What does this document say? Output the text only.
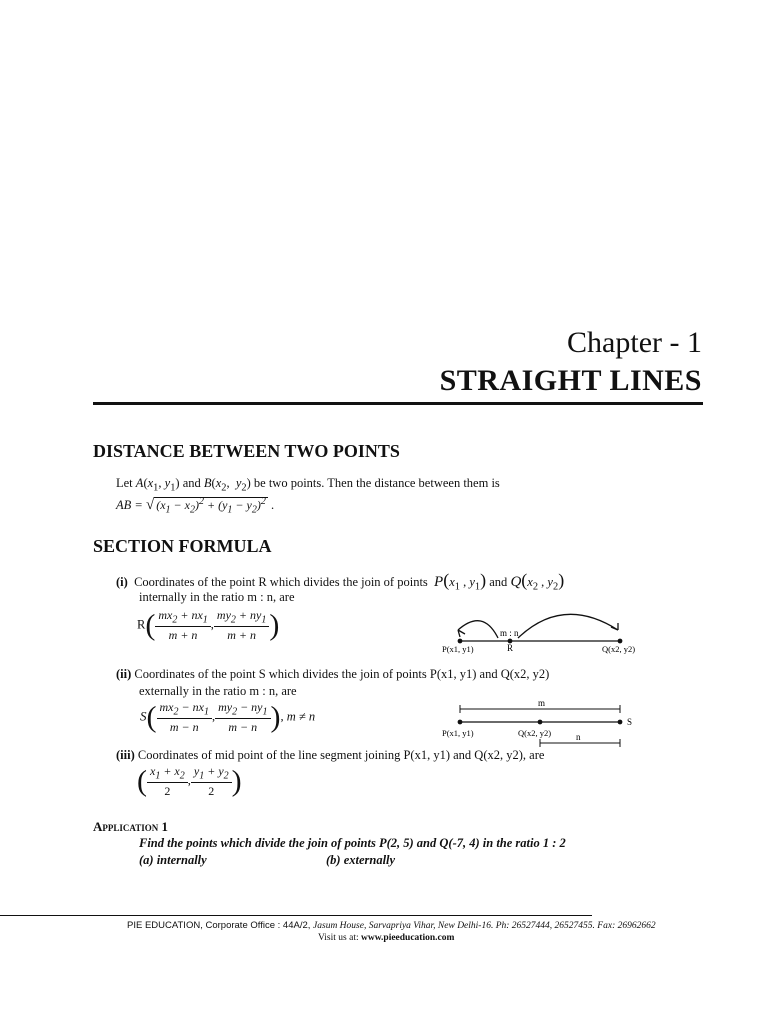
Chapter - 1
STRAIGHT LINES
DISTANCE BETWEEN TWO POINTS
Let $A(x_1$, $y_1$) and $B(x_2$,  $y_2$) be two points. Then the distance between them is
AB = √ $(x_1 - x_2)^2 + (y_1 - y_2)^2$ .
SECTION FORMULA
(i) Coordinates of the point R which divides the join of points $P(x_1$ , $y_1$) and $Q(x_2$ , $y_2$)
internally in the ratio m : n, are
$R( \frac{mx_2 + nx_1}{m + n}$ , $\frac{my_2 + ny_1}{m + n}$ )	m : n
P(x1, y1)	R	Q(x2, y2)
(ii) Coordinates of the point S which divides the join of points P(x1, y1) and Q(x2, y2)
externally in the ratio m : n, are
$S( \frac{mx_2 - nx_1}{m - n}$ , $\frac{my_2 - ny_1}{m - n}$ ), m ≠ n
m
S
P(x1, y1)	Q(x2, y2)	n
(iii) Coordinates of mid point of the line segment joining P(x1, y1) and Q(x2, y2), are
( $\frac{x_1 + x_2}{2}$ , $\frac{y_1 + y_2}{2}$ )
Application 1
Find the points which divide the join of points P(2, 5) and Q(-7, 4) in the ratio 1 : 2
(a) internally	(b) externally
PIE EDUCATION, Corporate Office : 44A/2, Jasum House, Sarvapriya Vihar, New Delhi-16. Ph: 26527444, 26527455. Fax: 26962662
Visit us at: www.pieeducation.com
